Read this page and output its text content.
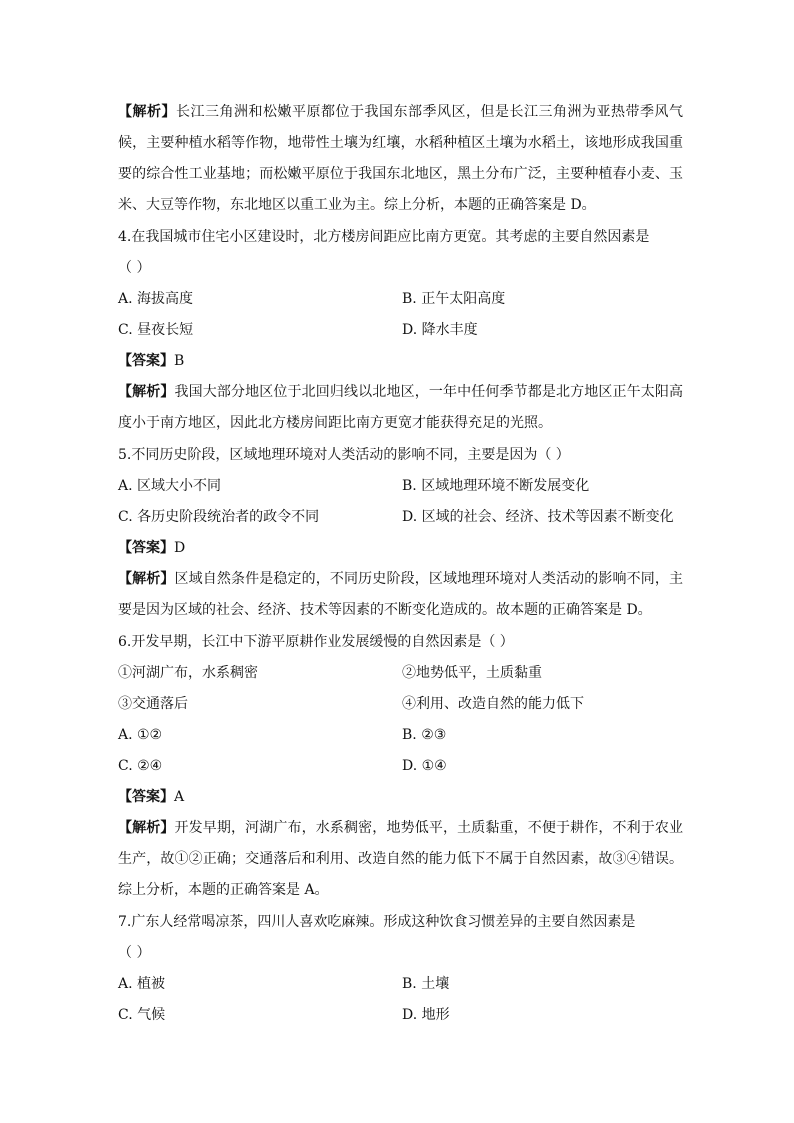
【解析】长江三角洲和松嫩平原都位于我国东部季风区，但是长江三角洲为亚热带季风气候，主要种植水稻等作物，地带性土壤为红壤，水稻种植区土壤为水稻土，该地形成我国重要的综合性工业基地；而松嫩平原位于我国东北地区，黑土分布广泛，主要种植春小麦、玉米、大豆等作物，东北地区以重工业为主。综上分析，本题的正确答案是 D。
4.在我国城市住宅小区建设时，北方楼房间距应比南方更宽。其考虑的主要自然因素是
（ ）
A. 海拔高度	B. 正午太阳高度
C. 昼夜长短	D. 降水丰度
【答案】B
【解析】我国大部分地区位于北回归线以北地区，一年中任何季节都是北方地区正午太阳高度小于南方地区，因此北方楼房间距比南方更宽才能获得充足的光照。
5.不同历史阶段，区域地理环境对人类活动的影响不同，主要是因为（ ）
A. 区域大小不同	B. 区域地理环境不断发展变化
C. 各历史阶段统治者的政令不同	D. 区域的社会、经济、技术等因素不断变化
【答案】D
【解析】区域自然条件是稳定的，不同历史阶段，区域地理环境对人类活动的影响不同，主要是因为区域的社会、经济、技术等因素的不断变化造成的。故本题的正确答案是 D。
6.开发早期，长江中下游平原耕作业发展缓慢的自然因素是（ ）
①河湖广布，水系稠密	②地势低平，土质黏重
③交通落后	④利用、改造自然的能力低下
A. ①②	B. ②③
C. ②④	D. ①④
【答案】A
【解析】开发早期，河湖广布，水系稠密，地势低平，土质黏重，不便于耕作，不利于农业生产，故①②正确；交通落后和利用、改造自然的能力低下不属于自然因素，故③④错误。综上分析，本题的正确答案是 A。
7.广东人经常喝凉茶，四川人喜欢吃麻辣。形成这种饮食习惯差异的主要自然因素是
（ ）
A. 植被	B. 土壤
C. 气候	D. 地形
